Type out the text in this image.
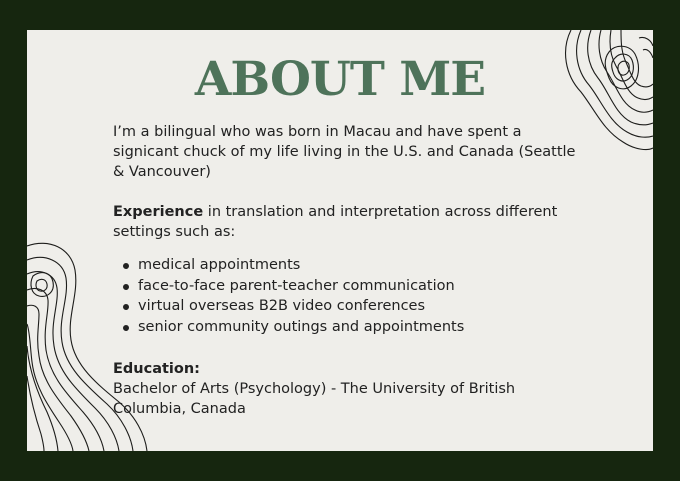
ABOUT ME

I’m a bilingual who was born in Macau and have spent a signicant chuck of my life living in the U.S. and Canada (Seattle & Vancouver)

Experience in translation and interpretation across different settings such as:

medical appointments
face-to-face parent-teacher communication
virtual overseas B2B video conferences
senior community outings and appointments

Education:

Bachelor of Arts (Psychology) - The University of British Columbia, Canada
